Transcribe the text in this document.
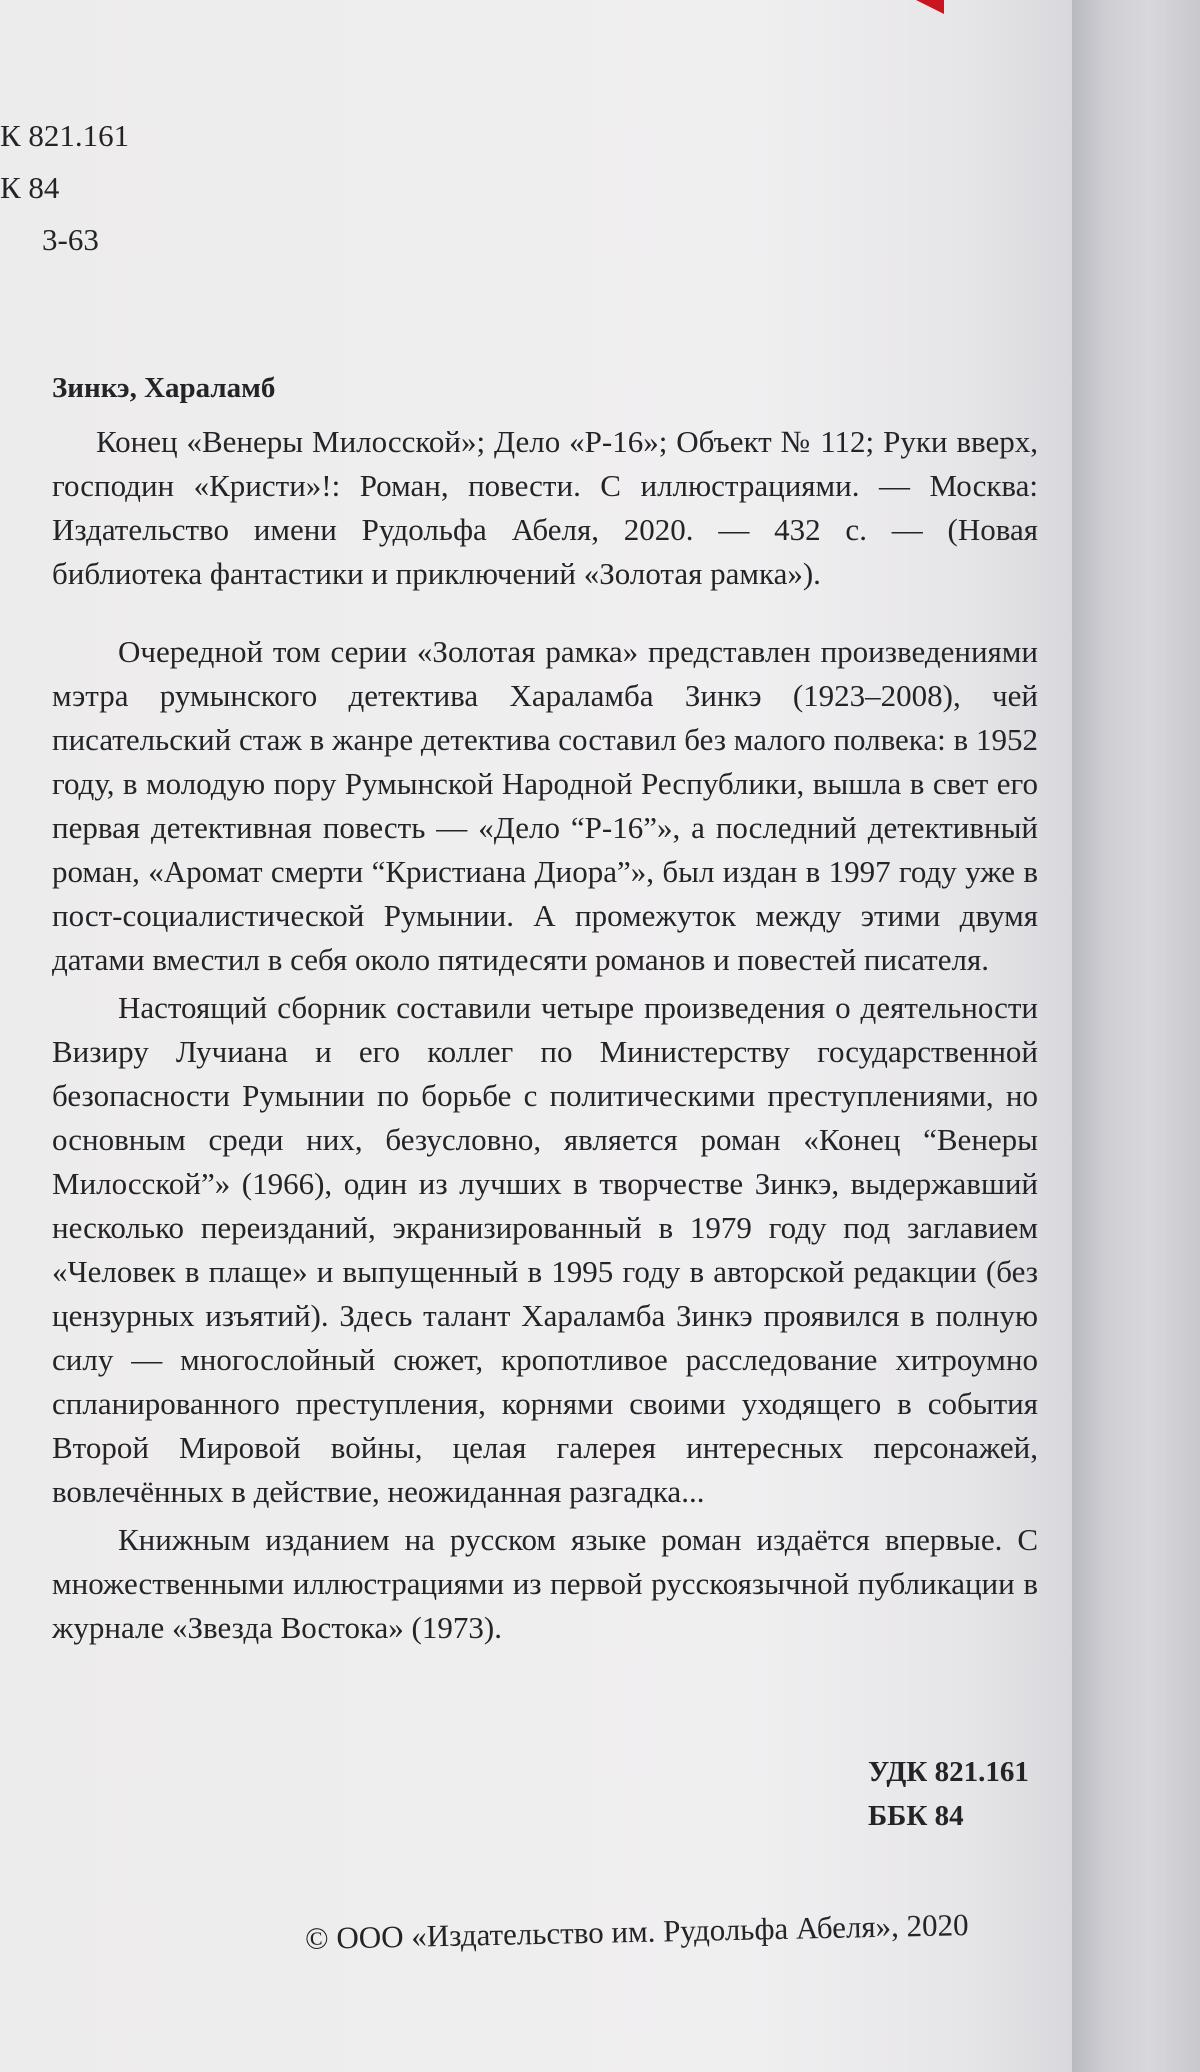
К 821.161
К 84
3-63
Зинкэ, Хараламб
Конец «Венеры Милосской»; Дело «Р-16»; Объект № 112; Руки вверх, господин «Кристи»!: Роман, повести. С иллюстрациями. — Москва: Издательство имени Рудольфа Абеля, 2020. — 432 с. — (Новая библиотека фантастики и приключений «Золотая рамка»).

Очередной том серии «Золотая рамка» представлен произведениями мэтра румынского детектива Хараламба Зинкэ (1923–2008), чей писательский стаж в жанре детектива составил без малого полвека: в 1952 году, в молодую пору Румынской Народной Республики, вышла в свет его первая детективная повесть — «Дело “Р-16”», а последний детективный роман, «Аромат смерти “Кристиана Диора”», был издан в 1997 году уже в пост-социалистической Румынии. А промежуток между этими двумя датами вместил в себя около пятидесяти романов и повестей писателя.

Настоящий сборник составили четыре произведения о деятельности Визиру Лучиана и его коллег по Министерству государственной безопасности Румынии по борьбе с политическими преступлениями, но основным среди них, безусловно, является роман «Конец “Венеры Милосской”» (1966), один из лучших в творчестве Зинкэ, выдержавший несколько переизданий, экранизированный в 1979 году под заглавием «Человек в плаще» и выпущенный в 1995 году в авторской редакции (без цензурных изъятий). Здесь талант Хараламба Зинкэ проявился в полную силу — многослойный сюжет, кропотливое расследование хитроумно спланированного преступления, корнями своими уходящего в события Второй Мировой войны, целая галерея интересных персонажей, вовлечённых в действие, неожиданная разгадка...

Книжным изданием на русском языке роман издаётся впервые. С множественными иллюстрациями из первой русскоязычной публикации в журнале «Звезда Востока» (1973).

УДК 821.161
ББК 84
© ООО «Издательство им. Рудольфа Абеля», 2020
